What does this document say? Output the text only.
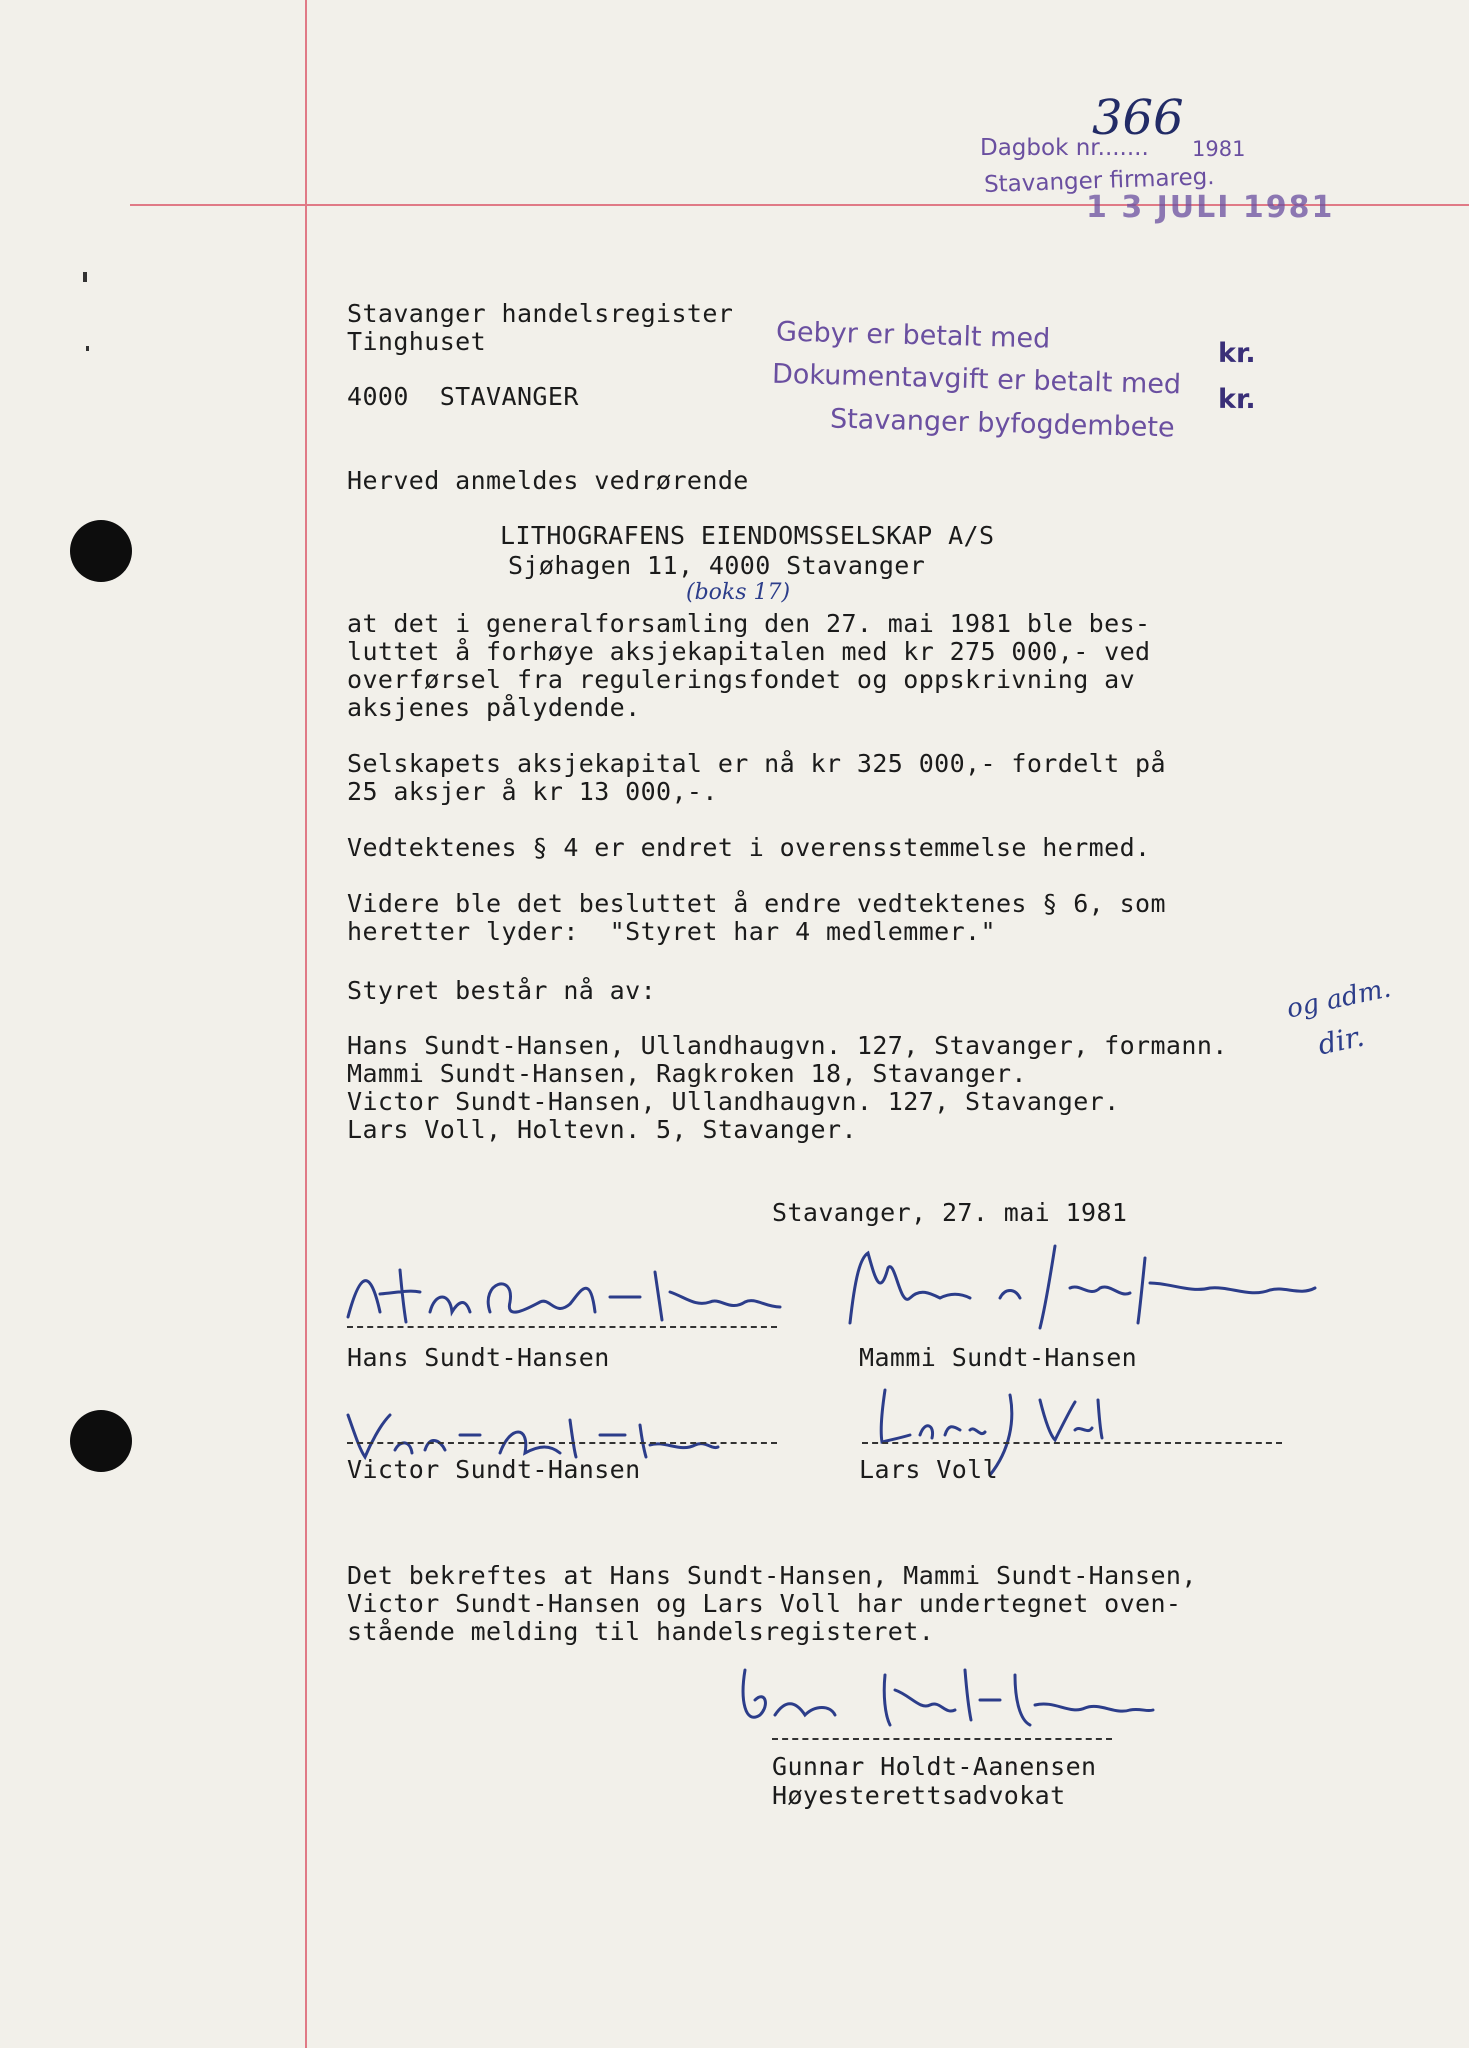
366
Dagbok nr....... 1981
Stavanger firmareg.
1 3 JULI 1981
Stavanger handelsregister
Tinghuset
4000  STAVANGER
Gebyr er betalt med	kr.
Dokumentavgift er betalt med kr.
Stavanger byfogdembete
Herved anmeldes vedrørende
LITHOGRAFENS EIENDOMSSELSKAP A/S
Sjøhagen 11, 4000 Stavanger
(boks 17)
at det i generalforsamling den 27. mai 1981 ble bes-
luttet å forhøye aksjekapitalen med kr 275 000,- ved
overførsel fra reguleringsfondet og oppskrivning av
aksjenes pålydende.
Selskapets aksjekapital er nå kr 325 000,- fordelt på
25 aksjer å kr 13 000,-.
Vedtektenes § 4 er endret i overensstemmelse hermed.
Videre ble det besluttet å endre vedtektenes § 6, som
heretter lyder:  "Styret har 4 medlemmer."
Styret består nå av:
Hans Sundt-Hansen, Ullandhaugvn. 127, Stavanger, formann.
Mammi Sundt-Hansen, Ragkroken 18, Stavanger.
Victor Sundt-Hansen, Ullandhaugvn. 127, Stavanger.
Lars Voll, Holtevn. 5, Stavanger.
og adm.
dir.
Stavanger, 27. mai 1981
Hans Sundt-Hansen	Mammi Sundt-Hansen
Victor Sundt-Hansen	Lars Voll
Det bekreftes at Hans Sundt-Hansen, Mammi Sundt-Hansen,
Victor Sundt-Hansen og Lars Voll har undertegnet oven-
stående melding til handelsregisteret.
Gunnar Holdt-Aanensen
Høyesterettsadvokat
